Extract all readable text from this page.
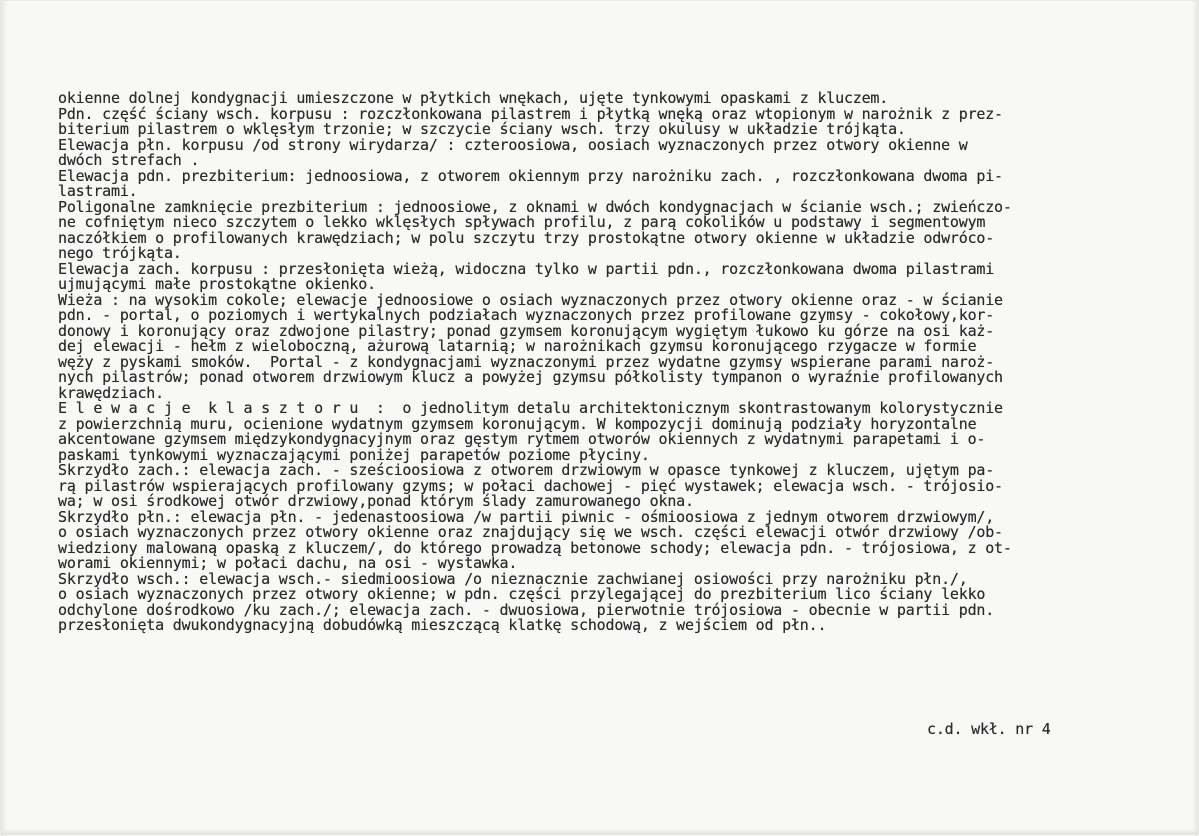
okienne dolnej kondygnacji umieszczone w płytkich wnękach, ujęte tynkowymi opaskami z kluczem.
Pdn. część ściany wsch. korpusu : rozczłonkowana pilastrem i płytką wnęką oraz wtopionym w narożnik z prez-
biterium pilastrem o wklęsłym trzonie; w szczycie ściany wsch. trzy okulusy w układzie trójkąta.
Elewacja płn. korpusu /od strony wirydarza/ : czteroosiowa, oosiach wyznaczonych przez otwory okienne w
dwóch strefach .
Elewacja pdn. prezbiterium: jednoosiowa, z otworem okiennym przy narożniku zach. , rozczłonkowana dwoma pi-
lastrami.
Poligonalne zamknięcie prezbiterium : jednoosiowe, z oknami w dwóch kondygnacjach w ścianie wsch.; zwieńczo-
ne cofniętym nieco szczytem o lekko wklęsłych spływach profilu, z parą cokolików u podstawy i segmentowym
naczółkiem o profilowanych krawędziach; w polu szczytu trzy prostokątne otwory okienne w układzie odwróco-
nego trójkąta.
Elewacja zach. korpusu : przesłonięta wieżą, widoczna tylko w partii pdn., rozczłonkowana dwoma pilastrami
ujmującymi małe prostokątne okienko.
Wieża : na wysokim cokole; elewacje jednoosiowe o osiach wyznaczonych przez otwory okienne oraz - w ścianie
pdn. - portal, o poziomych i wertykalnych podziałach wyznaczonych przez profilowane gzymsy - cokołowy,kor-
donowy i koronujący oraz zdwojone pilastry; ponad gzymsem koronującym wygiętym łukowo ku górze na osi każ-
dej elewacji - hełm z wieloboczną, ażurową latarnią; w narożnikach gzymsu koronującego rzygacze w formie
węży z pyskami smoków.  Portal - z kondygnacjami wyznaczonymi przez wydatne gzymsy wspierane parami naroż-
nych pilastrów; ponad otworem drzwiowym klucz a powyżej gzymsu półkolisty tympanon o wyraźnie profilowanych
krawędziach.
E l e w a c j e  k l a s z t o r u  :  o jednolitym detalu architektonicznym skontrastowanym kolorystycznie
z powierzchnią muru, ocienione wydatnym gzymsem koronującym. W kompozycji dominują podziały horyzontalne
akcentowane gzymsem międzykondygnacyjnym oraz gęstym rytmem otworów okiennych z wydatnymi parapetami i o-
paskami tynkowymi wyznaczającymi poniżej parapetów poziome płyciny.
Skrzydło zach.: elewacja zach. - sześcioosiowa z otworem drzwiowym w opasce tynkowej z kluczem, ujętym pa-
rą pilastrów wspierających profilowany gzyms; w połaci dachowej - pięć wystawek; elewacja wsch. - trójosio-
wa; w osi środkowej otwór drzwiowy,ponad którym ślady zamurowanego okna.
Skrzydło płn.: elewacja płn. - jedenastoosiowa /w partii piwnic - ośmioosiowa z jednym otworem drzwiowym/,
o osiach wyznaczonych przez otwory okienne oraz znajdujący się we wsch. części elewacji otwór drzwiowy /ob-
wiedziony malowaną opaską z kluczem/, do którego prowadzą betonowe schody; elewacja pdn. - trójosiowa, z ot-
worami okiennymi; w połaci dachu, na osi - wystawka.
Skrzydło wsch.: elewacja wsch.- siedmioosiowa /o nieznacznie zachwianej osiowości przy narożniku płn./,
o osiach wyznaczonych przez otwory okienne; w pdn. części przylegającej do prezbiterium lico ściany lekko
odchylone dośrodkowo /ku zach./; elewacja zach. - dwuosiowa, pierwotnie trójosiowa - obecnie w partii pdn.
przesłonięta dwukondygnacyjną dobudówką mieszczącą klatkę schodową, z wejściem od płn..
c.d. wkł. nr 4
